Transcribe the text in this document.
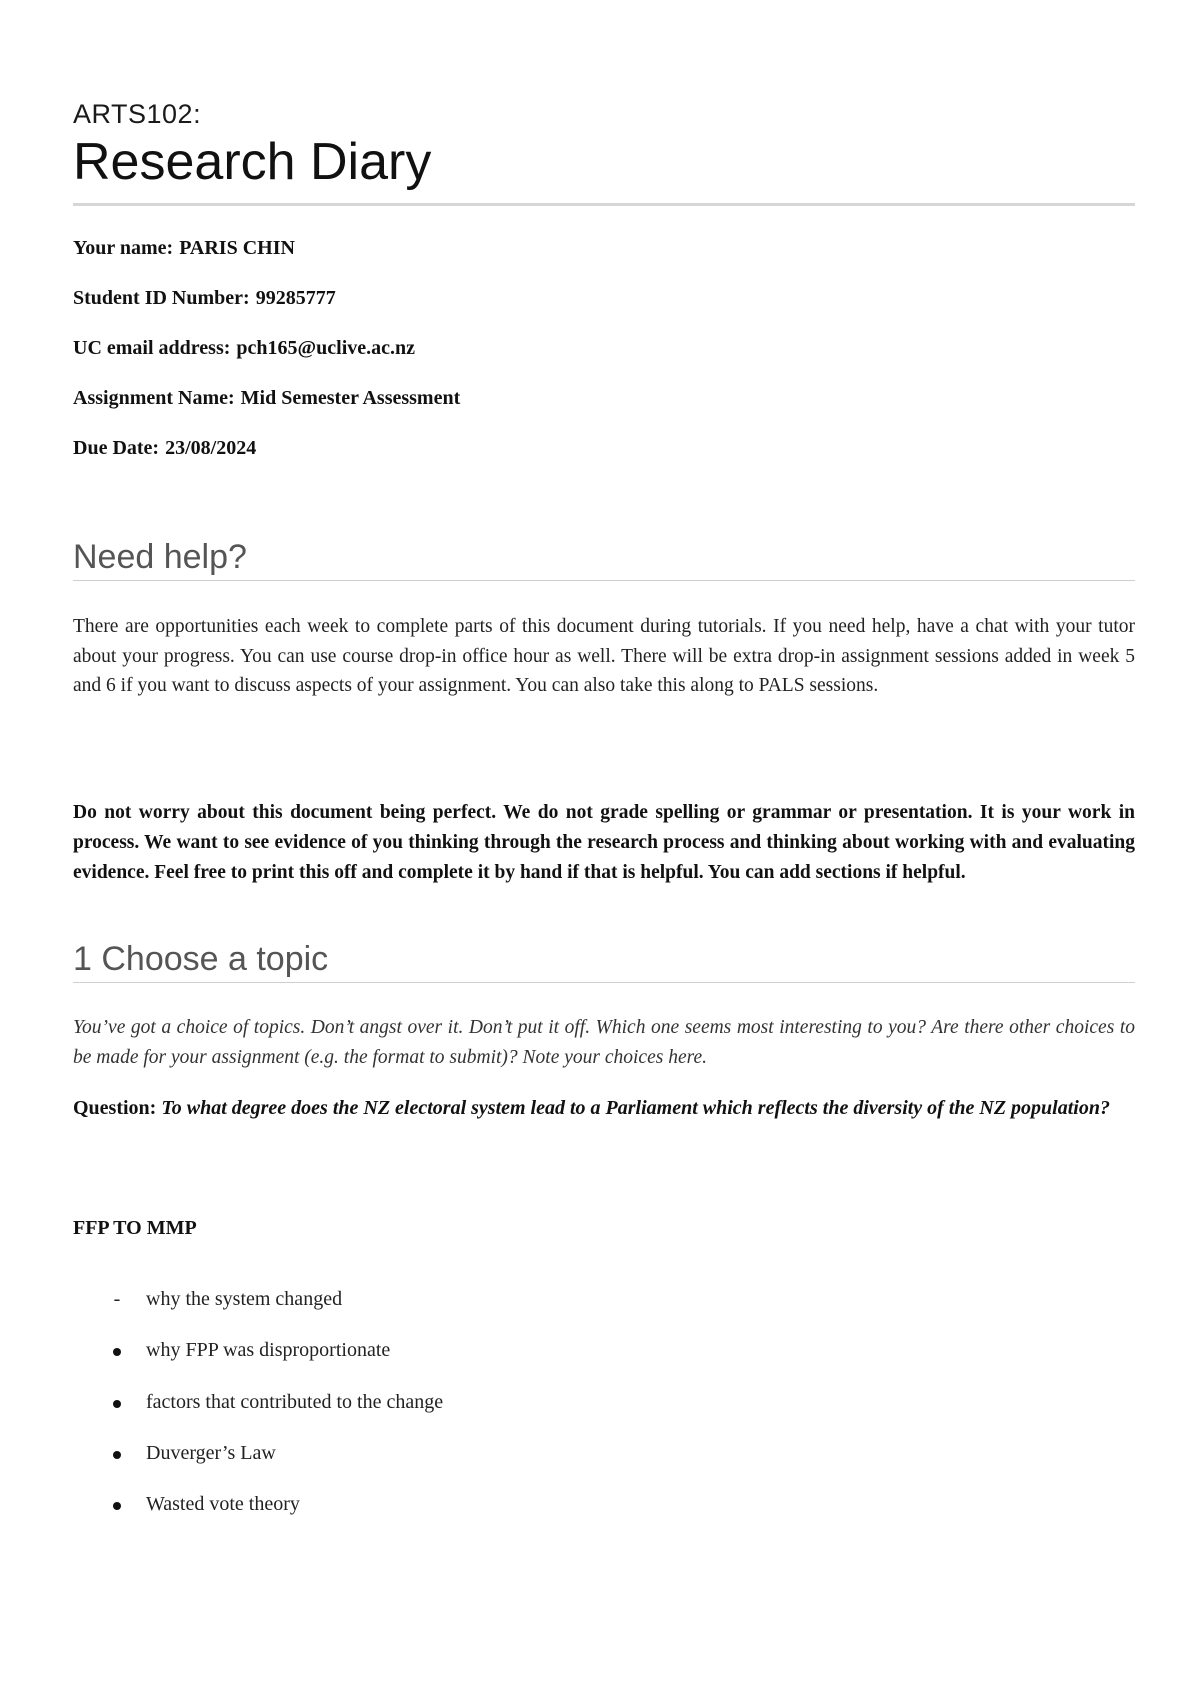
ARTS102:
Research Diary
Your name: PARIS CHIN
Student ID Number: 99285777
UC email address: pch165@uclive.ac.nz
Assignment Name: Mid Semester Assessment
Due Date: 23/08/2024
Need help?
There are opportunities each week to complete parts of this document during tutorials. If you need help, have a chat with your tutor about your progress. You can use course drop-in office hour as well. There will be extra drop-in assignment sessions added in week 5 and 6 if you want to discuss aspects of your assignment. You can also take this along to PALS sessions.
Do not worry about this document being perfect. We do not grade spelling or grammar or presentation. It is your work in process. We want to see evidence of you thinking through the research process and thinking about working with and evaluating evidence. Feel free to print this off and complete it by hand if that is helpful. You can add sections if helpful.
1 Choose a topic
You’ve got a choice of topics. Don’t angst over it. Don’t put it off. Which one seems most interesting to you? Are there other choices to be made for your assignment (e.g. the format to submit)? Note your choices here.
Question: To what degree does the NZ electoral system lead to a Parliament which reflects the diversity of the NZ population?
FFP TO MMP
-
why the system changed
why FPP was disproportionate
factors that contributed to the change
Duverger’s Law
Wasted vote theory
